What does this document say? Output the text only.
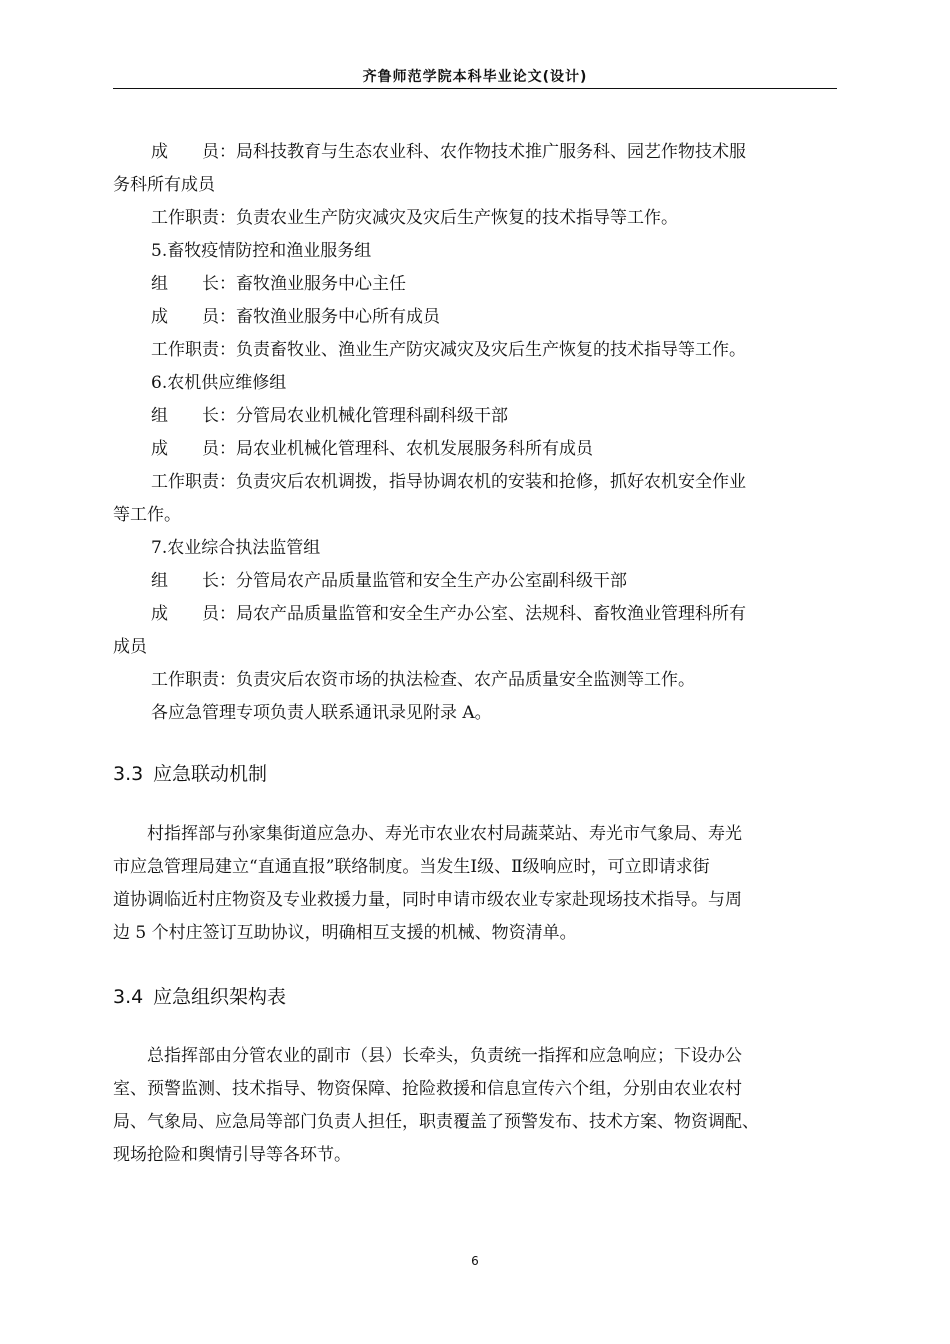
齐鲁师范学院本科毕业论文(设计)
成　　员：局科技教育与生态农业科、农作物技术推广服务科、园艺作物技术服
务科所有成员
工作职责：负责农业生产防灾减灾及灾后生产恢复的技术指导等工作。
5.畜牧疫情防控和渔业服务组
组　　长：畜牧渔业服务中心主任
成　　员：畜牧渔业服务中心所有成员
工作职责：负责畜牧业、渔业生产防灾减灾及灾后生产恢复的技术指导等工作。
6.农机供应维修组
组　　长：分管局农业机械化管理科副科级干部
成　　员：局农业机械化管理科、农机发展服务科所有成员
工作职责：负责灾后农机调拨，指导协调农机的安装和抢修，抓好农机安全作业
等工作。
7.农业综合执法监管组
组　　长：分管局农产品质量监管和安全生产办公室副科级干部
成　　员：局农产品质量监管和安全生产办公室、法规科、畜牧渔业管理科所有
成员
工作职责：负责灾后农资市场的执法检查、农产品质量安全监测等工作。
各应急管理专项负责人联系通讯录见附录 A。
3.3 应急联动机制
　　村指挥部与孙家集街道应急办、寿光市农业农村局蔬菜站、寿光市气象局、寿光
市应急管理局建立“直通直报”联络制度。当发生Ⅰ级、Ⅱ级响应时，可立即请求街
道协调临近村庄物资及专业救援力量，同时申请市级农业专家赴现场技术指导。与周
边 5 个村庄签订互助协议，明确相互支援的机械、物资清单。
3.4 应急组织架构表
　　总指挥部由分管农业的副市（县）长牵头，负责统一指挥和应急响应；下设办公
室、预警监测、技术指导、物资保障、抢险救援和信息宣传六个组，分别由农业农村
局、气象局、应急局等部门负责人担任，职责覆盖了预警发布、技术方案、物资调配、
现场抢险和舆情引导等各环节。
6
